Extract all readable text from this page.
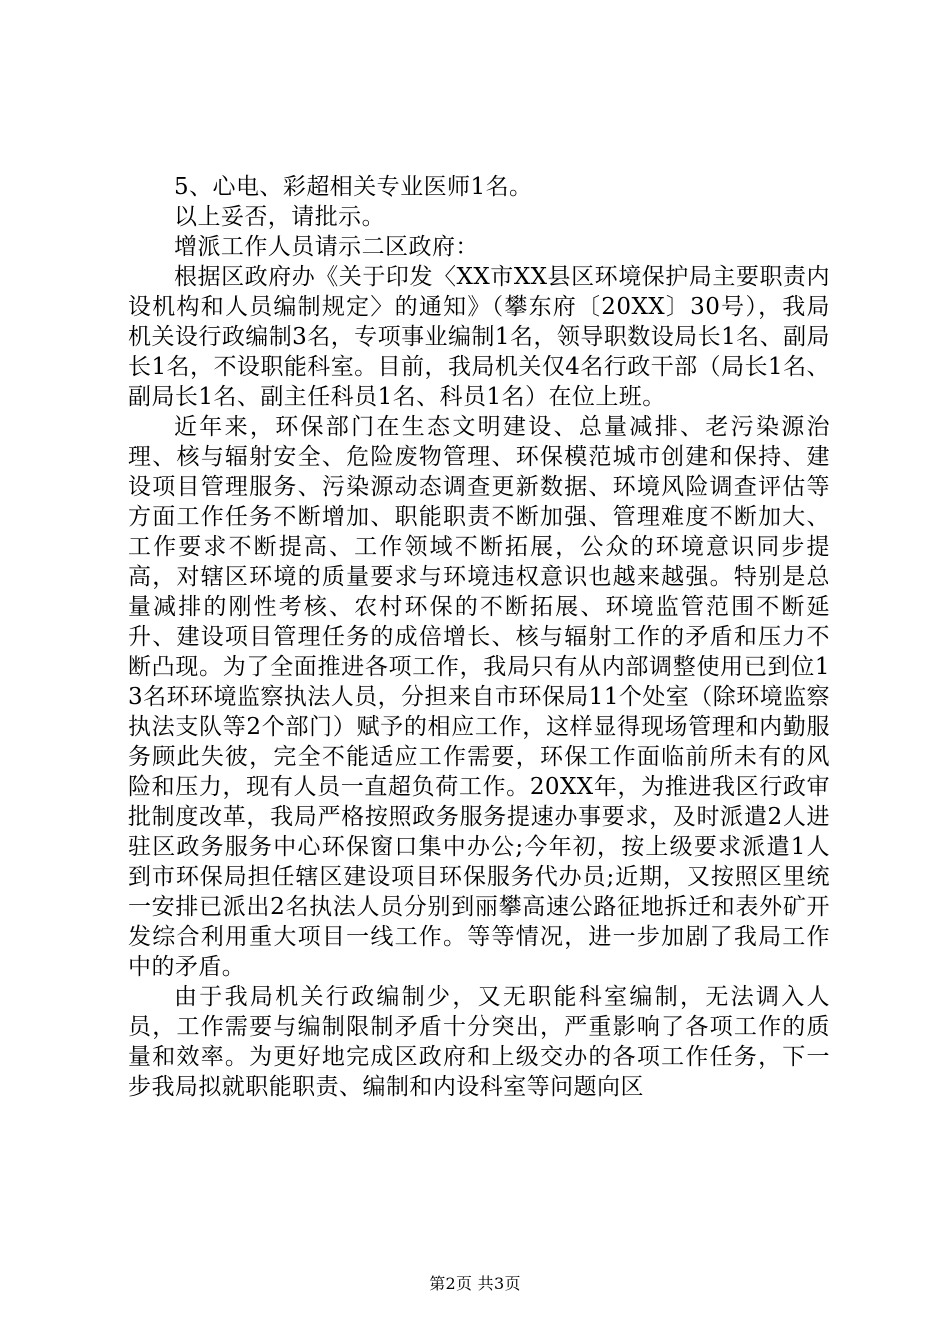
5、心电、彩超相关专业医师1名。

以上妥否，请批示。

增派工作人员请示二区政府：

根据区政府办《关于印发〈XX市XX县区环境保护局主要职责内设机构和人员编制规定〉的通知》（攀东府〔20XX〕30号），我局机关设行政编制3名，专项事业编制1名，领导职数设局长1名、副局长1名，不设职能科室。目前，我局机关仅4名行政干部（局长1名、副局长1名、副主任科员1名、科员1名）在位上班。

近年来，环保部门在生态文明建设、总量减排、老污染源治理、核与辐射安全、危险废物管理、环保模范城市创建和保持、建设项目管理服务、污染源动态调查更新数据、环境风险调查评估等方面工作任务不断增加、职能职责不断加强、管理难度不断加大、工作要求不断提高、工作领域不断拓展，公众的环境意识同步提高，对辖区环境的质量要求与环境违权意识也越来越强。特别是总量减排的刚性考核、农村环保的不断拓展、环境监管范围不断延升、建设项目管理任务的成倍增长、核与辐射工作的矛盾和压力不断凸现。为了全面推进各项工作，我局只有从内部调整使用已到位13名环环境监察执法人员，分担来自市环保局11个处室（除环境监察执法支队等2个部门）赋予的相应工作，这样显得现场管理和内勤服务顾此失彼，完全不能适应工作需要，环保工作面临前所未有的风险和压力，现有人员一直超负荷工作。20XX年，为推进我区行政审批制度改革，我局严格按照政务服务提速办事要求，及时派遣2人进驻区政务服务中心环保窗口集中办公;今年初，按上级要求派遣1人到市环保局担任辖区建设项目环保服务代办员;近期，又按照区里统一安排已派出2名执法人员分别到丽攀高速公路征地拆迁和表外矿开发综合利用重大项目一线工作。等等情况，进一步加剧了我局工作中的矛盾。

由于我局机关行政编制少，又无职能科室编制，无法调入人员，工作需要与编制限制矛盾十分突出，严重影响了各项工作的质量和效率。为更好地完成区政府和上级交办的各项工作任务，下一步我局拟就职能职责、编制和内设科室等问题向区

第2页 共3页
